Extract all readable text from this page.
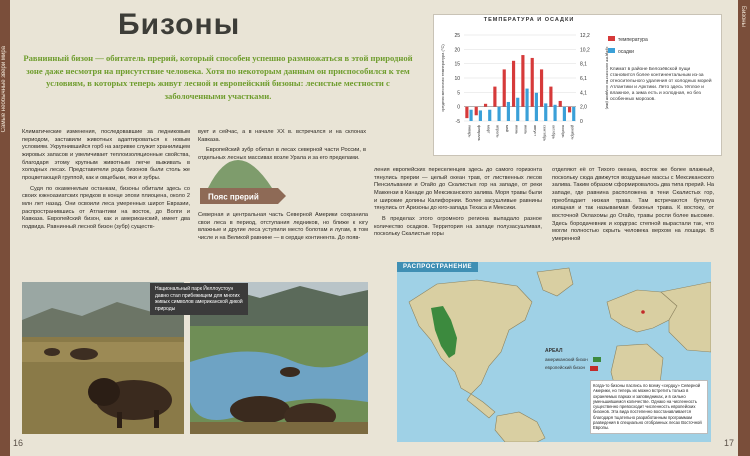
Самые необычные звери мира
Бизоны
16	17
Бизоны
Равнинный бизон — обитатель прерий, который способен успешно размножаться в этой природной зоне даже несмотря на присутствие человека. Хотя по некоторым данным он приспособился к тем условиям, в которых теперь живут лесной и европейский бизоны: лесистые местности с заболоченными участками.
Пояс прерий

Климатические изменения, последовавшие за ледниковым периодом, заставили животных адаптироваться к новым условиям. Укрупнившийся горб на загривке служит хранилищем жировых запасов и увеличивает теплоизоляционные свойства, благодаря этому крупным животным легче выживать в холодных лесах. Представители рода бизонов были столь же процветающей группой, как и овцебыки, яки и зубры.

Судя по окаменелым останкам, бизоны обитали здесь со своих южноазиатских предков в конце эпохи плиоцена, около 2 млн лет назад. Они освоили леса умеренных широт Евразии, распространившись от Атлантики на восток, до Волги и Кавказа. Европейский бизон, как и американский, имеет два подвида. Равнинный лесной бизон (зубр) существ-

вует и сейчас, а в начале XX в. встречался и на склонах Кавказа.

Европейский зубр обитал в лесах северной части России, в отдельных лесных массивах возле Урала и за его пределами.

Северная и центральная часть Северной Америки сохранила свои леса в период, отступания ледников, но ближе к югу влажные и другие леса уступили место болотам и лугам, в том числе и на Великой равнине — в сердце континента. До появ-

ления европейских переселенцев здесь до самого горизонта тянулись прерии — целый океан трав, от лиственных лесов Пенсильвании и Огайо до Скалистых гор на западе, от реки Маккензи в Канаде до Мексиканского залива. Моря травы были и широкие долины Калифорнии. Более засушливые равнины тянулись от Аризоны до юго-запада Техаса и Мексики.

В пределах этого огромного региона выпадало разное количество осадков. Территория на западе полузасушливая, поскольку Скалистые горы

отделяют её от Тихого океана, восток же более влажный, поскольку сюда движутся воздушные массы с Мексиканского залива. Таким образом сформировалось два типа прерий. На западе, где равнина расположена в тени Скалистых гор, преобладает низкая трава. Там встречаются бутелуа изящная и так называемая бизонья трава. К востоку, от восточной Оклахомы до Огайо, травы росли более высокие. Здесь бородачевник и кордграс степной вырастали так, что могли полностью скрыть человека верхом на лошади. В умеренной

Национальный парк Йеллоустоун давно стал прибежищем для многих живых символов американской дикой природы
ТЕМПЕРАТУРА И ОСАДКИ
температура
осадки
Климат в районе Белозёвской пущи становится более континентальным из-за относительного удаления от холодных морей Атлантики и Арктики. Лето здесь тёплое и влажное, а зима есть и холодная, но без особенных морозов.
25	12,2
20	10,2
15	8,1
10	6,1
5	4,1
0	2,0
-5	0
январь февраль март апрель май июнь июль август сентябрь октябрь ноябрь декабрь
средняя месячная температура (°C)	среднее количество осадков (мм)
РАСПРОСТРАНЕНИЕ
АРЕАЛ
американский бизон
европейский бизон
Когда-то бизоны паслись по всему «сердцу» Северной Америки, но теперь их можно встретить только в охраняемых парках и заповедниках, и в сильно уменьшившемся количестве. Однако на численность существенно превосходит численность европейских бизонов. Эта вида постепенно восстанавливается благодаря тщательно разработанным программам разведения в специально отобранных лесах Восточной Европы.
